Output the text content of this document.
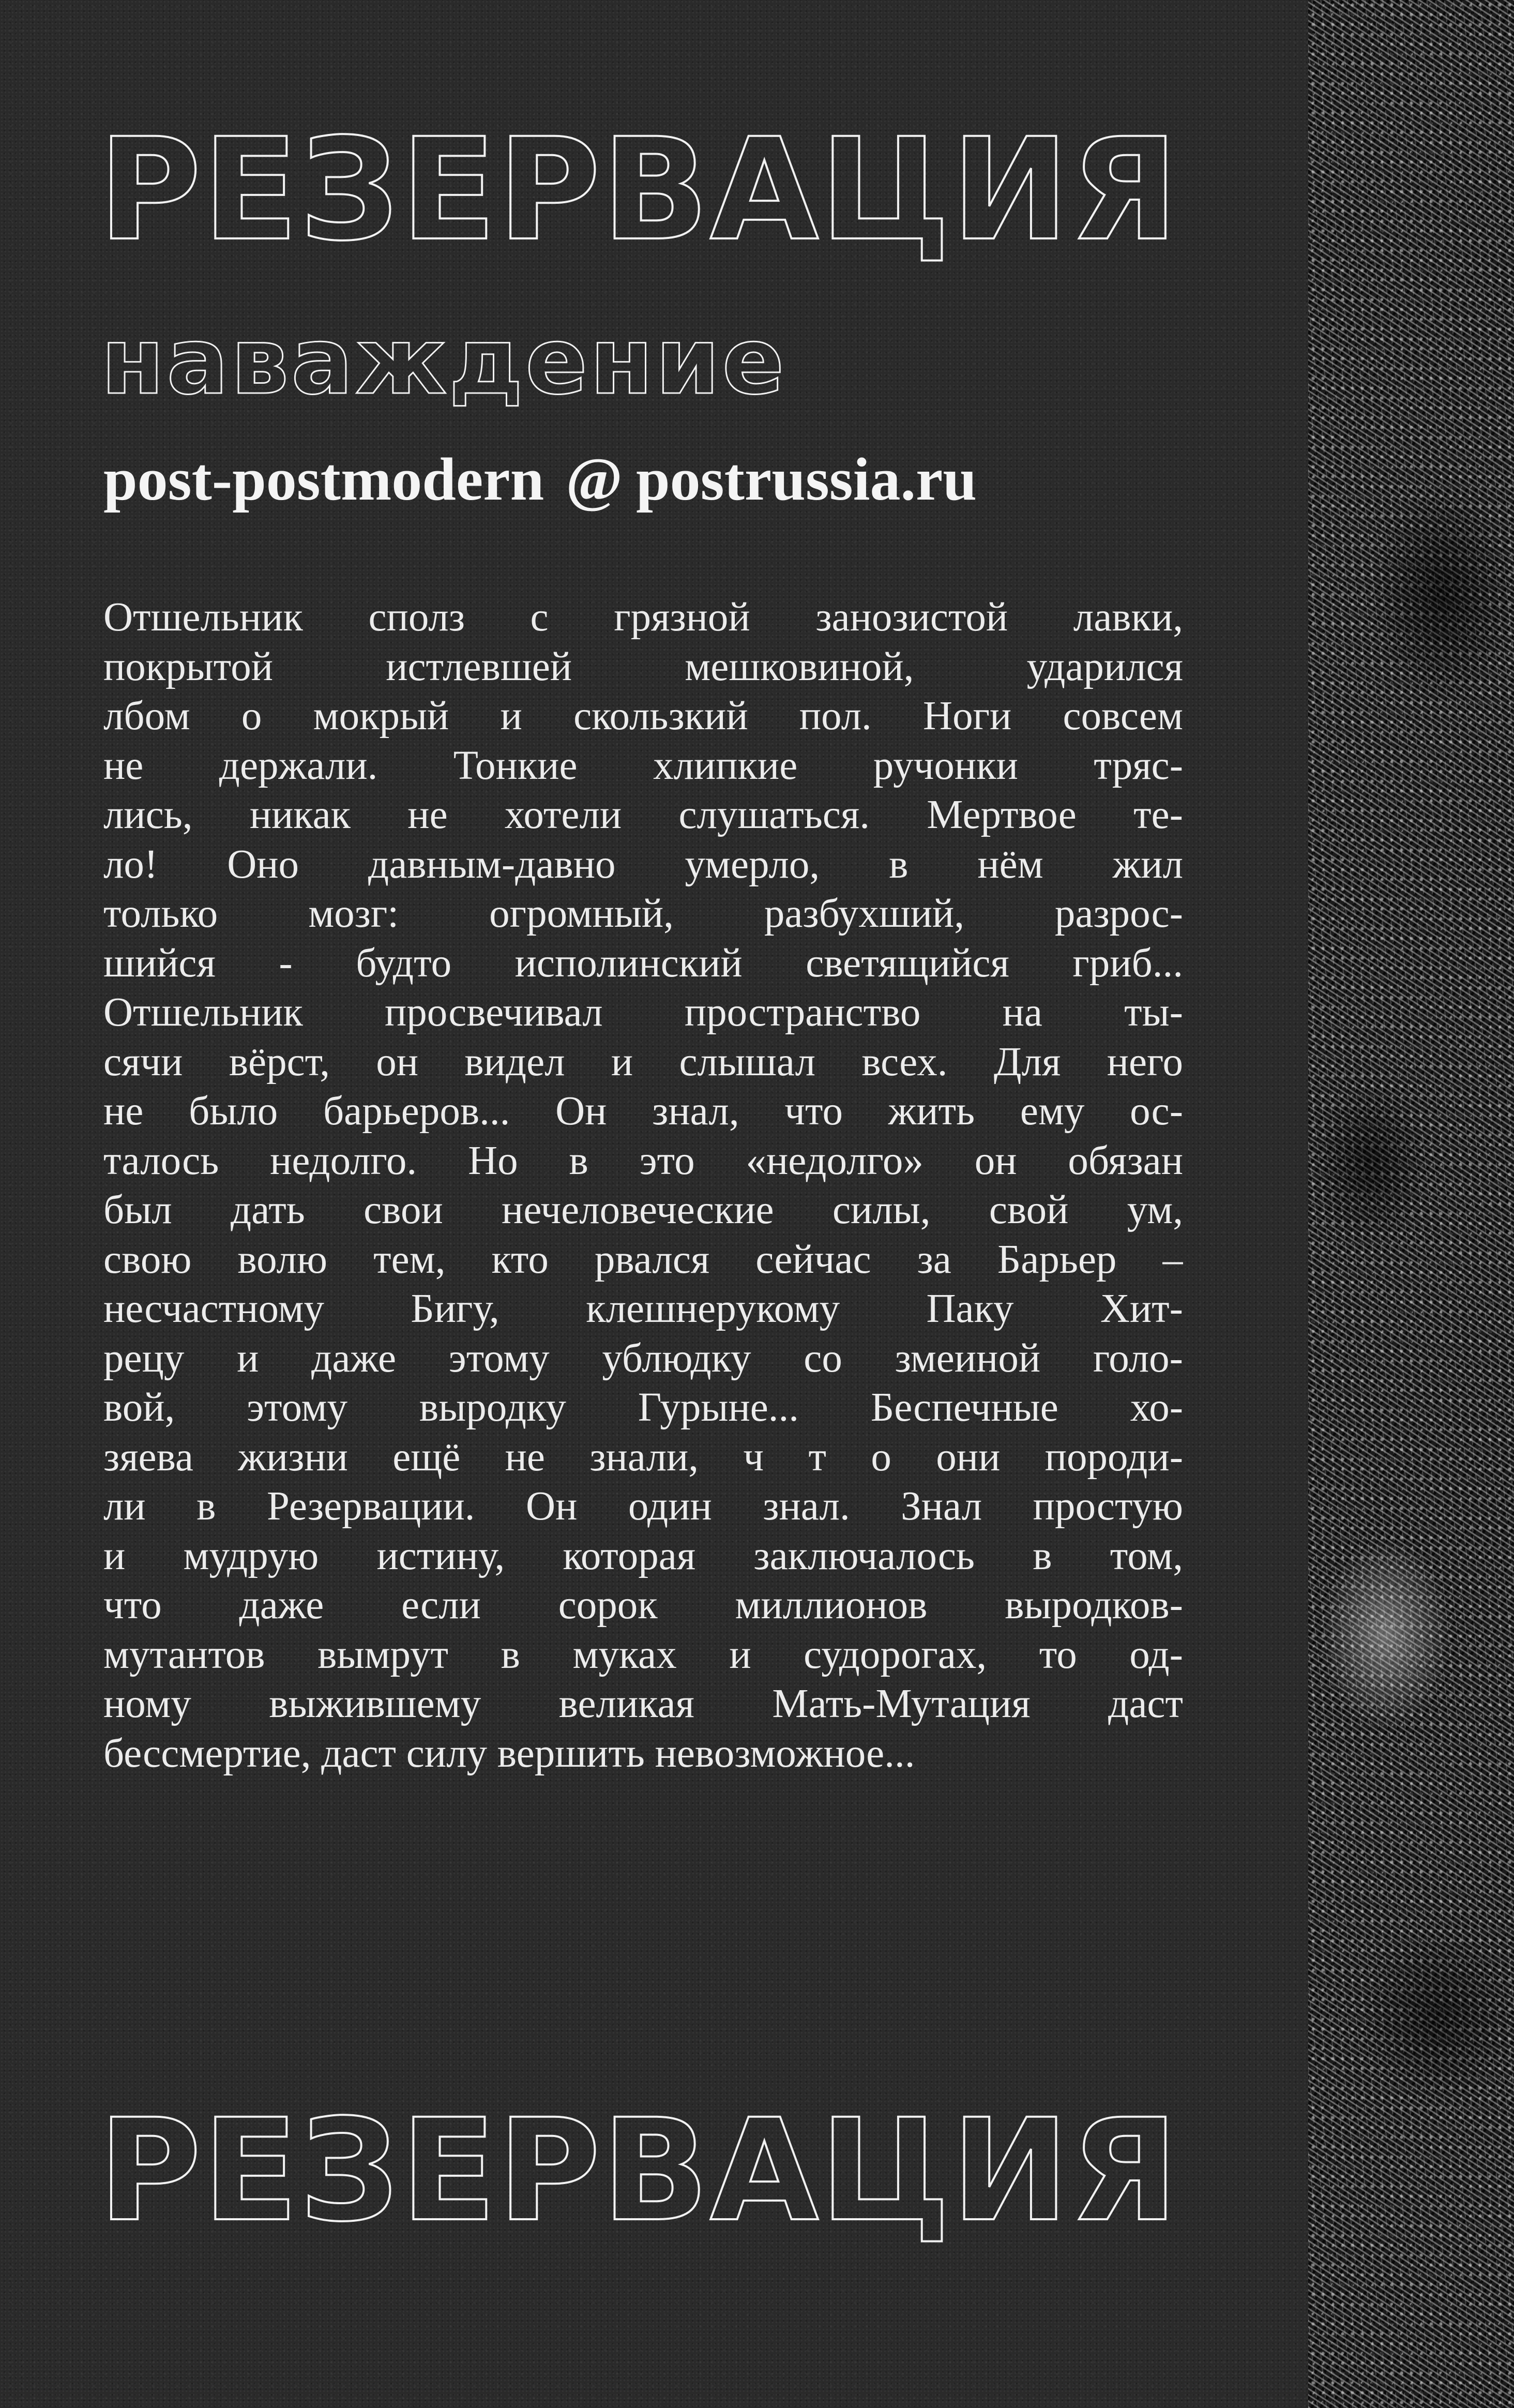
РЕЗЕРВАЦИЯ
наваждение

post-postmodern @ postrussia.ru

Отшельник сполз с грязной занозистой лавки,
покрытой истлевшей мешковиной, ударился
лбом о мокрый и скользкий пол. Ноги совсем
не держали. Тонкие хлипкие ручонки тряс-
лись, никак не хотели слушаться. Мертвое те-
ло! Оно давным-давно умерло, в нём жил
только мозг: огромный, разбухший, разрос-
шийся - будто исполинский светящийся гриб...
Отшельник просвечивал пространство на ты-
сячи вёрст, он видел и слышал всех. Для него
не было барьеров... Он знал, что жить ему ос-
талось недолго. Но в это «недолго» он обязан
был дать свои нечеловеческие силы, свой ум,
свою волю тем, кто рвался сейчас за Барьер –
несчастному Бигу, клешнерукому Паку Хит-
рецу и даже этому ублюдку со змеиной голо-
вой, этому выродку Гурыне... Беспечные хо-
зяева жизни ещё не знали, ч т о они породи-
ли в Резервации. Он один знал. Знал простую
и мудрую истину, которая заключалось в том,
что даже если сорок миллионов выродков-
мутантов вымрут в муках и судорогах, то од-
ному выжившему великая Мать-Мутация даст
бессмертие, даст силу вершить невозможное...
РЕЗЕРВАЦИЯ
